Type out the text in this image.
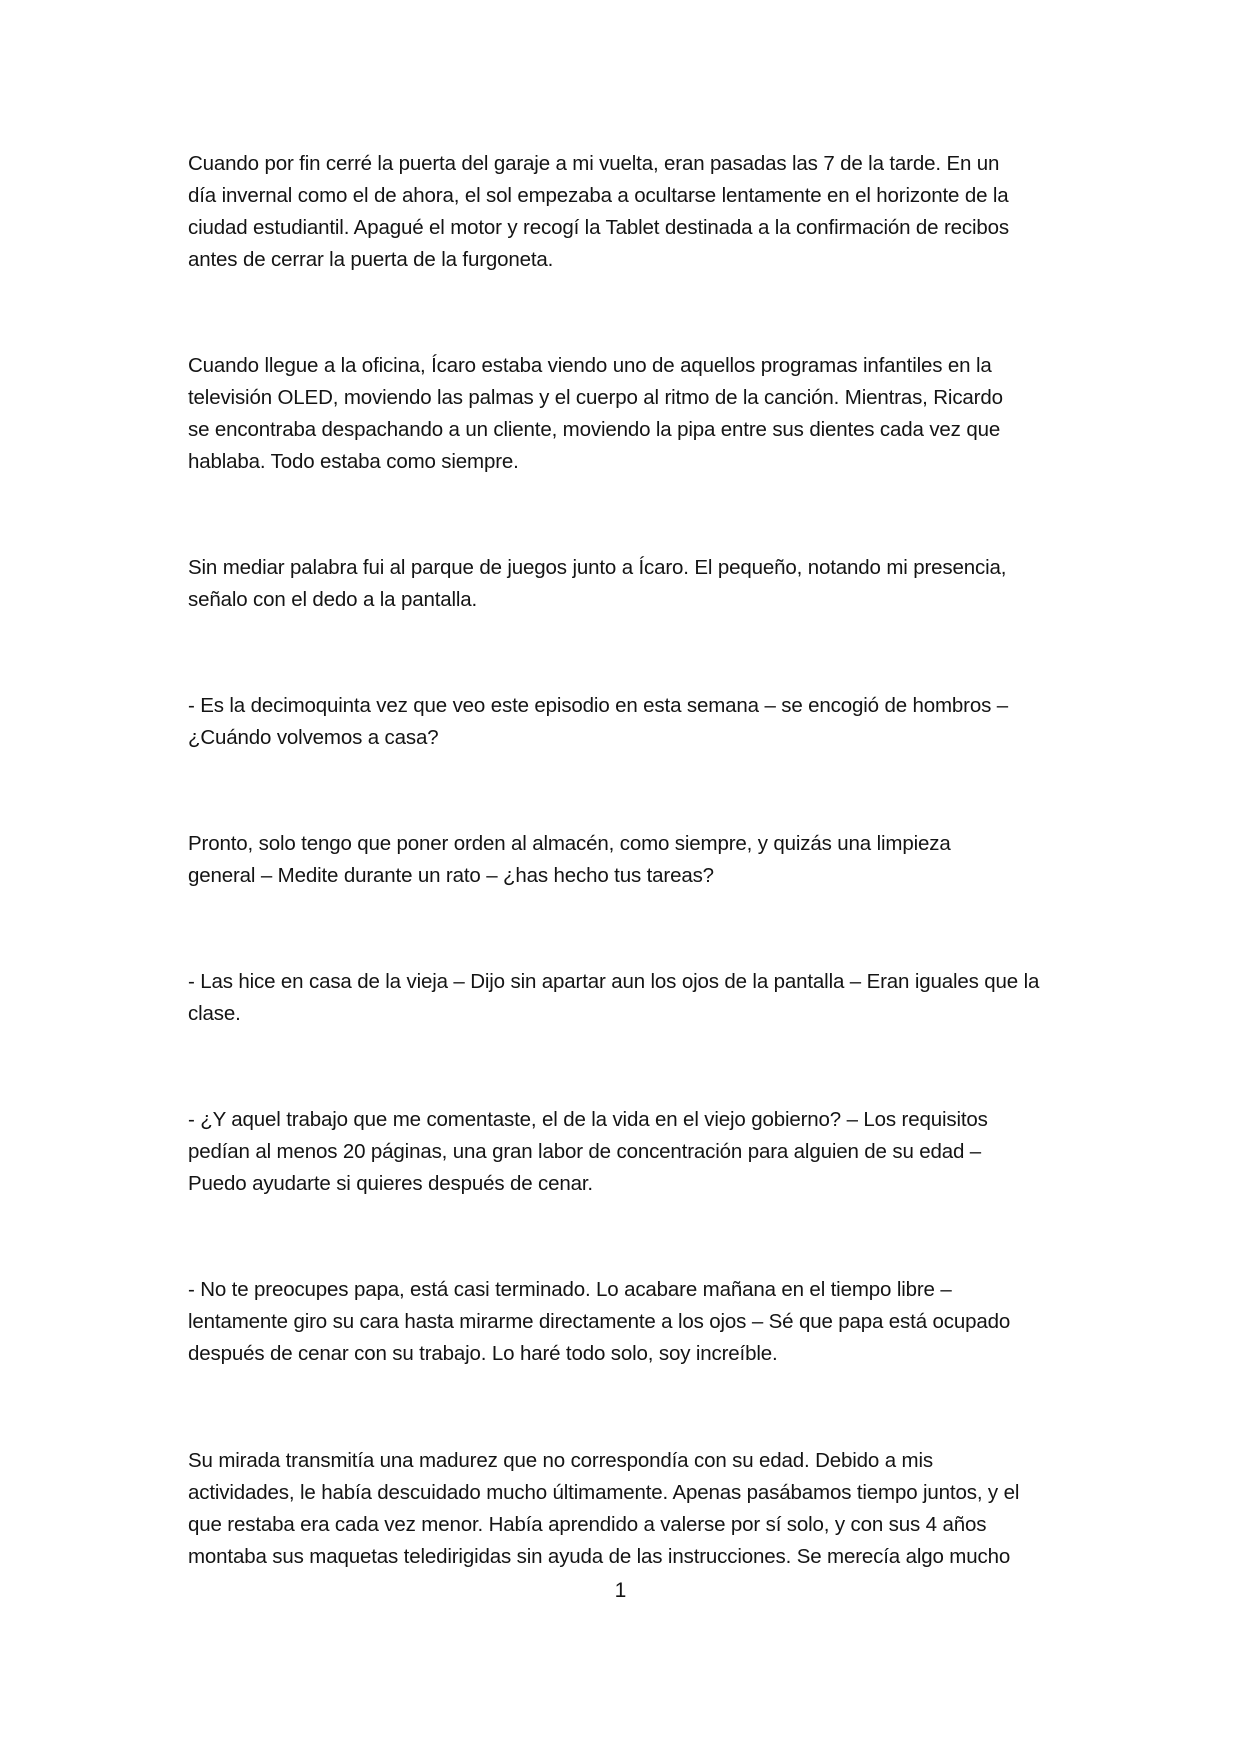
Cuando por fin cerré la puerta del garaje a mi vuelta, eran pasadas las 7 de la tarde. En un

día invernal como el de ahora, el sol empezaba a ocultarse lentamente en el horizonte de la

ciudad estudiantil. Apagué el motor y recogí la Tablet destinada a la confirmación de recibos

antes de cerrar la puerta de la furgoneta.

Cuando llegue a la oficina, Ícaro estaba viendo uno de aquellos programas infantiles en la

televisión OLED, moviendo las palmas y el cuerpo al ritmo de la canción. Mientras, Ricardo

se encontraba despachando a un cliente, moviendo la pipa entre sus dientes cada vez que

hablaba. Todo estaba como siempre.

Sin mediar palabra fui al parque de juegos junto a Ícaro. El pequeño, notando mi presencia,

señalo con el dedo a la pantalla.

- Es la decimoquinta vez que veo este episodio en esta semana – se encogió de hombros –

¿Cuándo volvemos a casa?

Pronto, solo tengo que poner orden al almacén, como siempre, y quizás una limpieza

general – Medite durante un rato – ¿has hecho tus tareas?

- Las hice en casa de la vieja – Dijo sin apartar aun los ojos de la pantalla – Eran iguales que la

clase.

- ¿Y aquel trabajo que me comentaste, el de la vida en el viejo gobierno? – Los requisitos

pedían al menos 20 páginas, una gran labor de concentración para alguien de su edad –

Puedo ayudarte si quieres después de cenar.

- No te preocupes papa, está casi terminado. Lo acabare mañana en el tiempo libre –

lentamente giro su cara hasta mirarme directamente a los ojos – Sé que papa está ocupado

después de cenar con su trabajo. Lo haré todo solo, soy increíble.

Su mirada transmitía una madurez que no correspondía con su edad. Debido a mis

actividades, le había descuidado mucho últimamente. Apenas pasábamos tiempo juntos, y el

que restaba era cada vez menor. Había aprendido a valerse por sí solo, y con sus 4 años

montaba sus maquetas teledirigidas sin ayuda de las instrucciones. Se merecía algo mucho

1
